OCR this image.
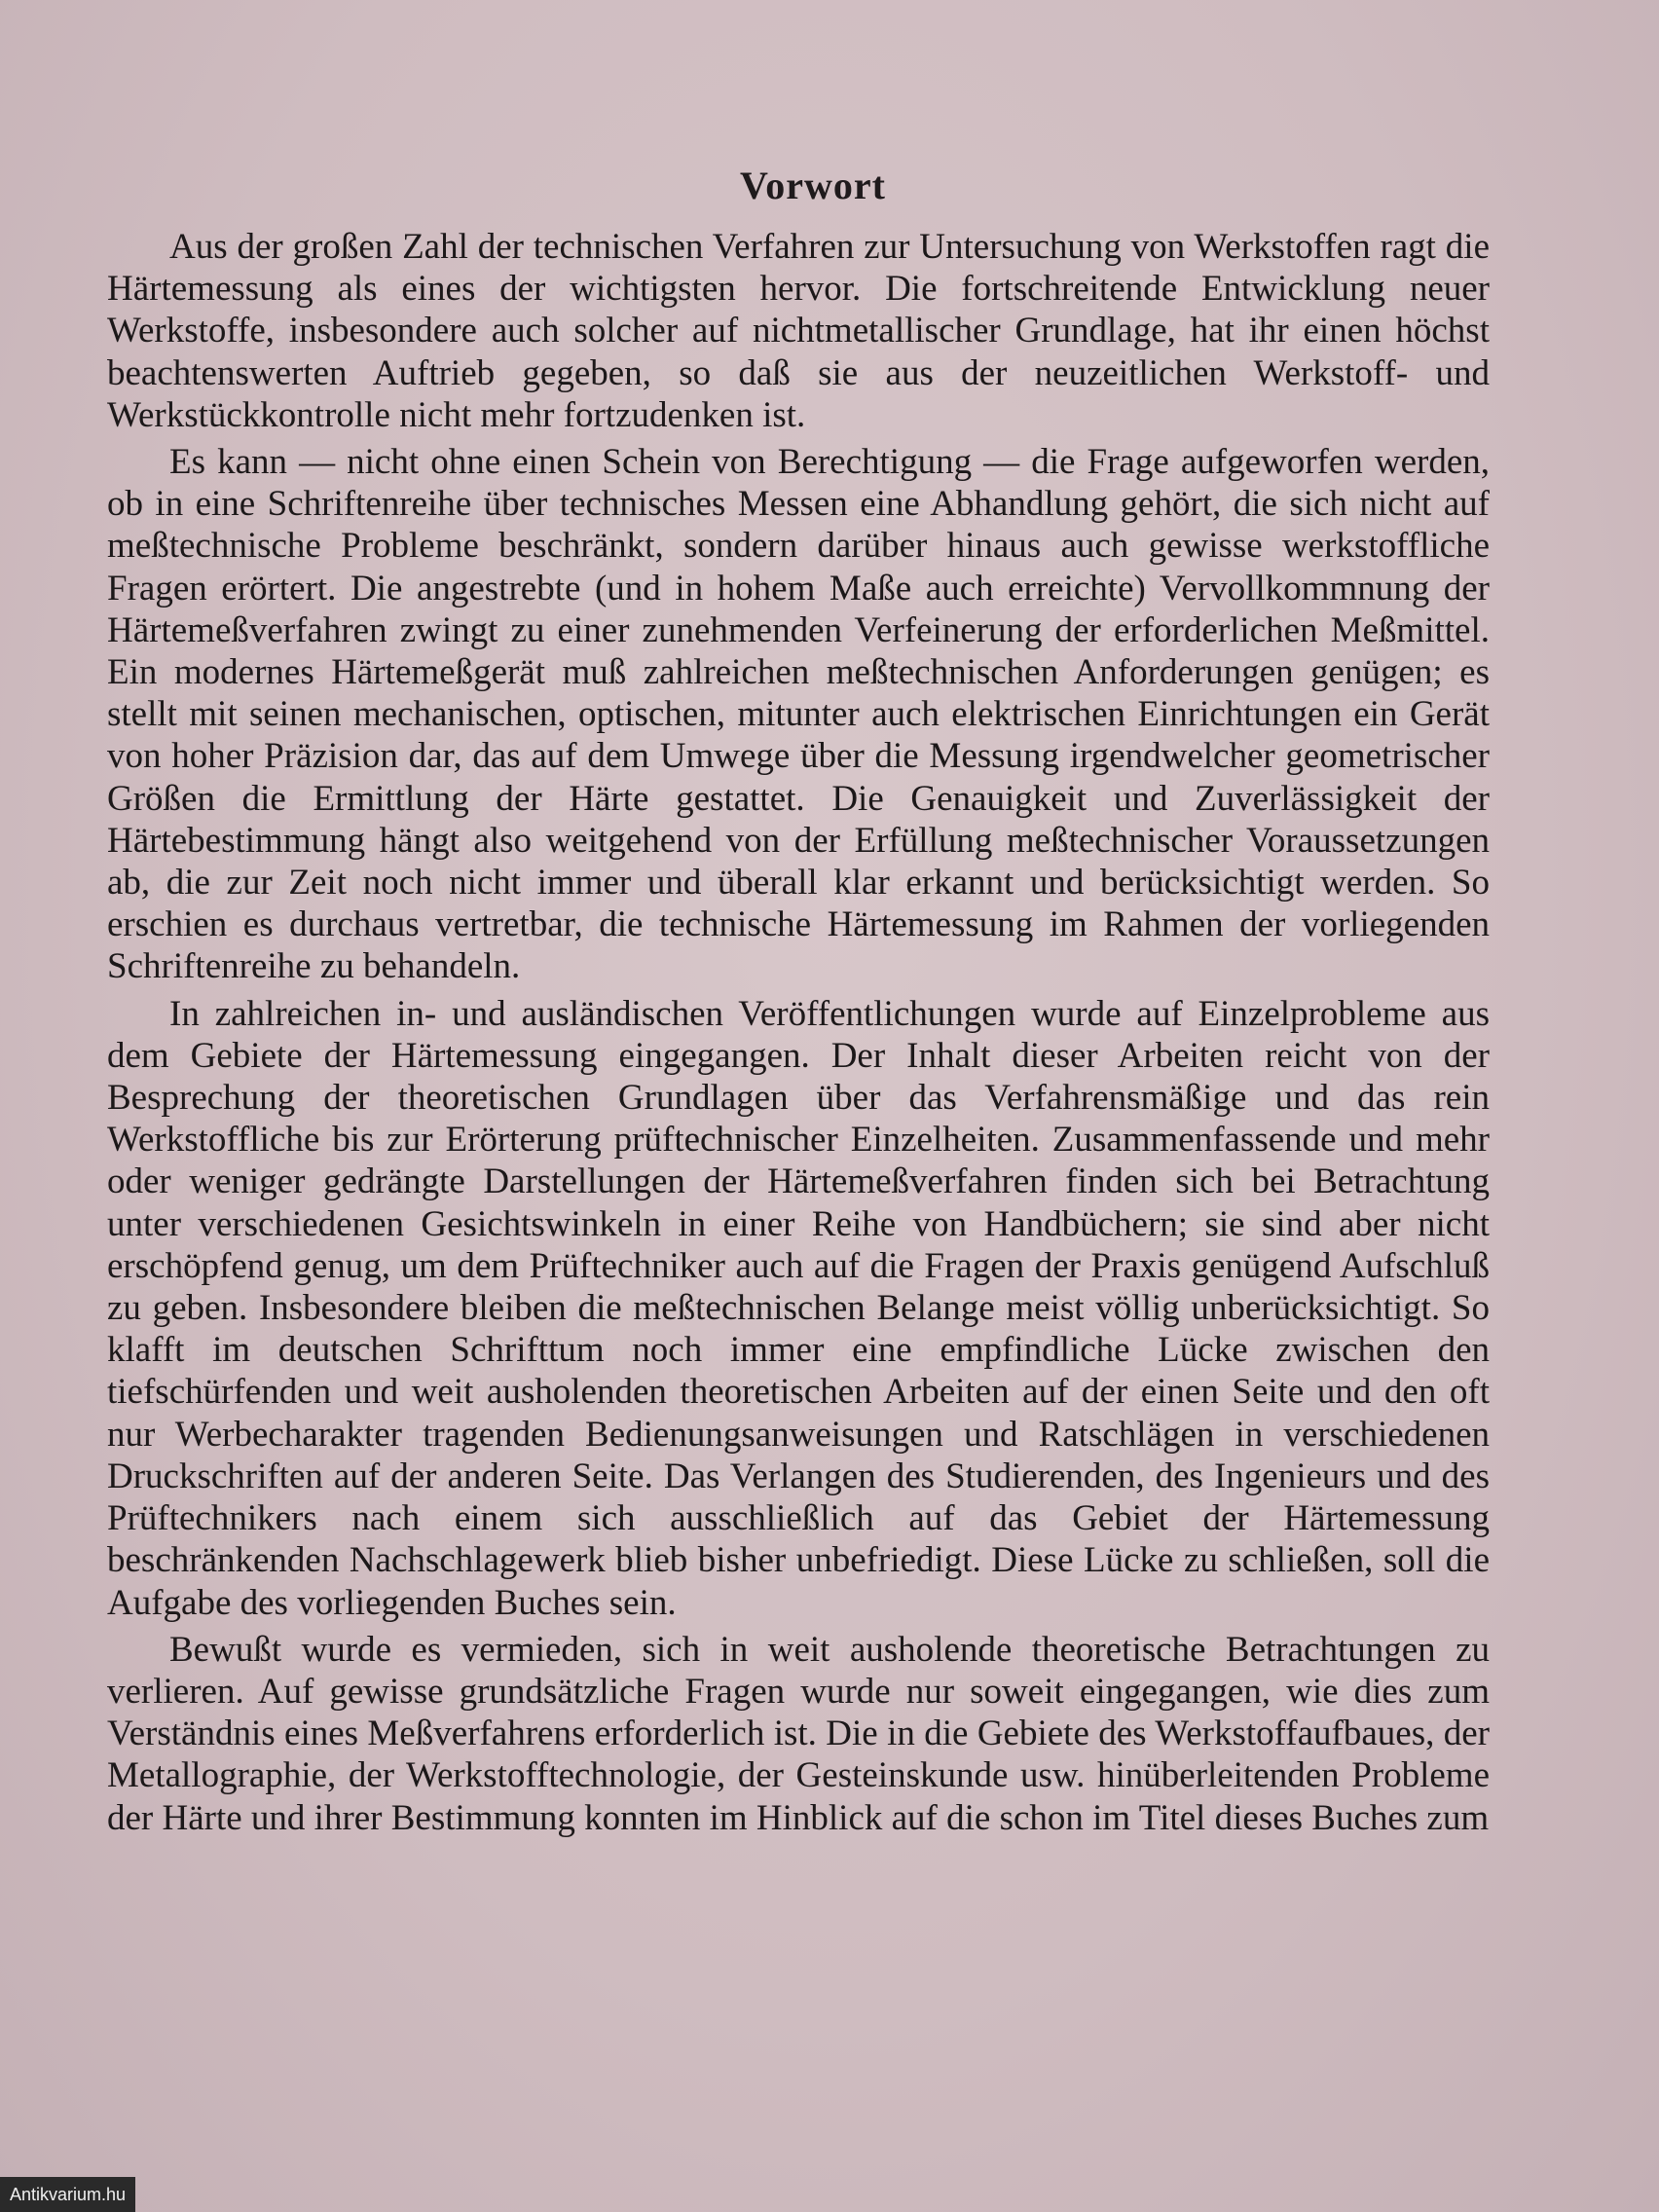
Vorwort

Aus der großen Zahl der technischen Verfahren zur Untersuchung von Werkstoffen ragt die Härtemessung als eines der wichtigsten hervor. Die fortschreitende Entwicklung neuer Werkstoffe, insbesondere auch solcher auf nichtmetallischer Grundlage, hat ihr einen höchst beachtenswerten Auftrieb gegeben, so daß sie aus der neuzeitlichen Werkstoff- und Werkstückkontrolle nicht mehr fortzudenken ist.

Es kann — nicht ohne einen Schein von Berechtigung — die Frage aufgeworfen werden, ob in eine Schriftenreihe über technisches Messen eine Abhandlung gehört, die sich nicht auf meßtechnische Probleme beschränkt, sondern darüber hinaus auch gewisse werkstoffliche Fragen erörtert. Die angestrebte (und in hohem Maße auch erreichte) Vervollkommnung der Härtemeßverfahren zwingt zu einer zunehmenden Verfeinerung der erforderlichen Meßmittel. Ein modernes Härtemeßgerät muß zahlreichen meßtechnischen Anforderungen genügen; es stellt mit seinen mechanischen, optischen, mitunter auch elektrischen Einrichtungen ein Gerät von hoher Präzision dar, das auf dem Umwege über die Messung irgendwelcher geometrischer Größen die Ermittlung der Härte gestattet. Die Genauigkeit und Zuverlässigkeit der Härtebestimmung hängt also weitgehend von der Erfüllung meßtechnischer Voraussetzungen ab, die zur Zeit noch nicht immer und überall klar erkannt und berücksichtigt werden. So erschien es durchaus vertretbar, die technische Härtemessung im Rahmen der vorliegenden Schriftenreihe zu behandeln.

In zahlreichen in- und ausländischen Veröffentlichungen wurde auf Einzelprobleme aus dem Gebiete der Härtemessung eingegangen. Der Inhalt dieser Arbeiten reicht von der Besprechung der theoretischen Grundlagen über das Verfahrensmäßige und das rein Werkstoffliche bis zur Erörterung prüftechnischer Einzelheiten. Zusammenfassende und mehr oder weniger gedrängte Darstellungen der Härtemeßverfahren finden sich bei Betrachtung unter verschiedenen Gesichtswinkeln in einer Reihe von Handbüchern; sie sind aber nicht erschöpfend genug, um dem Prüftechniker auch auf die Fragen der Praxis genügend Aufschluß zu geben. Insbesondere bleiben die meßtechnischen Belange meist völlig unberücksichtigt. So klafft im deutschen Schrifttum noch immer eine empfindliche Lücke zwischen den tiefschürfenden und weit ausholenden theoretischen Arbeiten auf der einen Seite und den oft nur Werbecharakter tragenden Bedienungsanweisungen und Ratschlägen in verschiedenen Druckschriften auf der anderen Seite. Das Verlangen des Studierenden, des Ingenieurs und des Prüftechnikers nach einem sich ausschließlich auf das Gebiet der Härtemessung beschränkenden Nachschlagewerk blieb bisher unbefriedigt. Diese Lücke zu schließen, soll die Aufgabe des vorliegenden Buches sein.

Bewußt wurde es vermieden, sich in weit ausholende theoretische Betrachtungen zu verlieren. Auf gewisse grundsätzliche Fragen wurde nur soweit eingegangen, wie dies zum Verständnis eines Meßverfahrens erforderlich ist. Die in die Gebiete des Werkstoffaufbaues, der Metallographie, der Werkstofftechnologie, der Gesteinskunde usw. hinüberleitenden Probleme der Härte und ihrer Bestimmung konnten im Hinblick auf die schon im Titel dieses Buches zum

Antikvarium.hu
